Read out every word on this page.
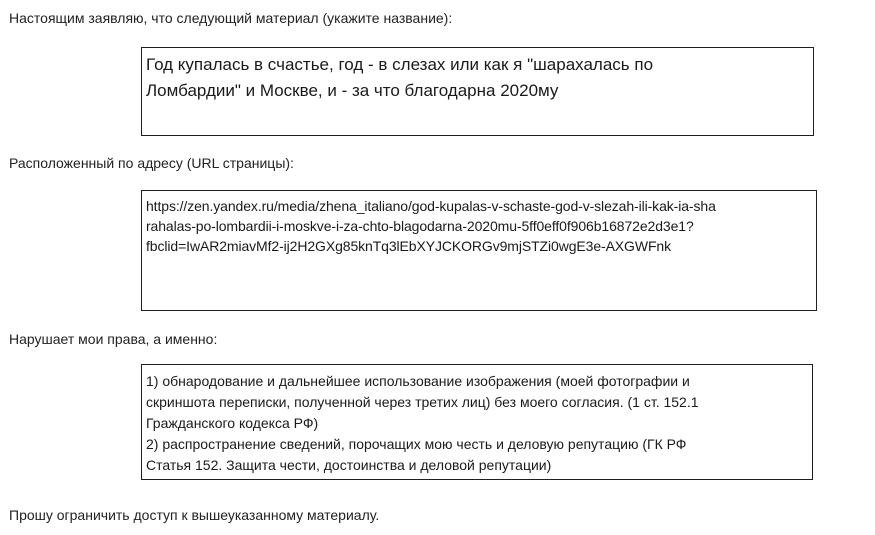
Настоящим заявляю, что следующий материал (укажите название):

Год купалась в счастье, год - в слезах или как я "шарахалась по
Ломбардии" и Москве, и - за что благодарна 2020му

Расположенный по адресу (URL страницы):

https://zen.yandex.ru/media/zhena_italiano/god-kupalas-v-schaste-god-v-slezah-ili-kak-ia-sha
rahalas-po-lombardii-i-moskve-i-za-chto-blagodarna-2020mu-5ff0eff0f906b16872e2d3e1?
fbclid=IwAR2miavMf2-ij2H2GXg85knTq3lEbXYJCKORGv9mjSTZi0wgE3e-AXGWFnk

Нарушает мои права, а именно:

1) обнародование и дальнейшее использование изображения (моей фотографии и
скриншота переписки, полученной через третих лиц) без моего согласия. (1 ст. 152.1
Гражданского кодекса РФ)
2) распространение сведений, порочащих мою честь и деловую репутацию (ГК РФ
Статья 152. Защита чести, достоинства и деловой репутации)

Прошу ограничить доступ к вышеуказанному материалу.
